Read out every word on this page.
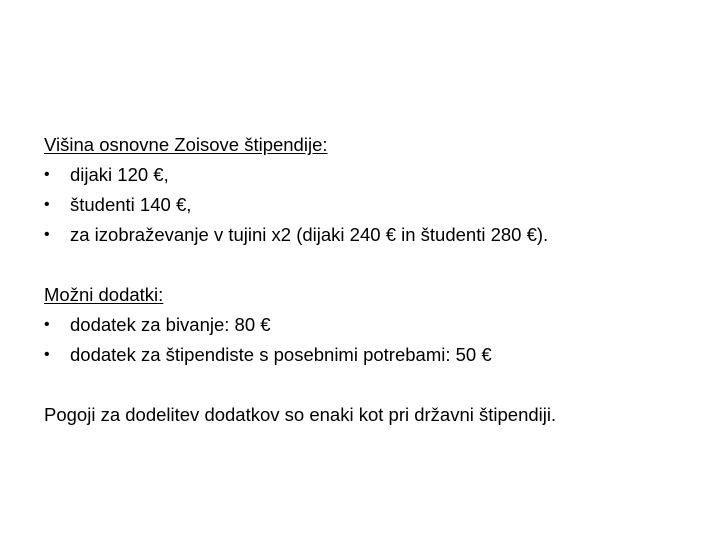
Višina osnovne Zoisove štipendije:
•	dijaki 120 €,
•	študenti 140 €,
•	za izobraževanje v tujini x2 (dijaki 240 € in študenti 280 €).
Možni dodatki:
•	dodatek za bivanje: 80 €
•	dodatek za štipendiste s posebnimi potrebami: 50 €
Pogoji za dodelitev dodatkov so enaki kot pri državni štipendiji.
